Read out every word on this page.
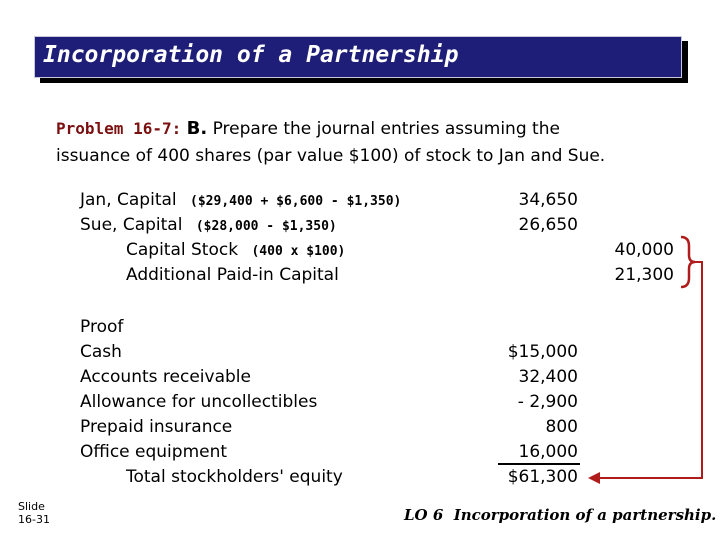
Incorporation of a Partnership
Problem 16-7: B. Prepare the journal entries assuming the
issuance of 400 shares (par value $100) of stock to Jan and Sue.
Jan, Capital ($29,400 + $6,600 - $1,350)
Sue, Capital ($28,000 - $1,350)
Capital Stock (400 x $100)
Additional Paid-in Capital
34,650
26,650
40,000
21,300
Proof
Cash
Accounts receivable
Allowance for uncollectibles
Prepaid insurance
Office equipment
Total stockholders' equity
$15,000
32,400
- 2,900
800
16,000
$61,300
Slide
16-31	LO 6  Incorporation of a partnership.
